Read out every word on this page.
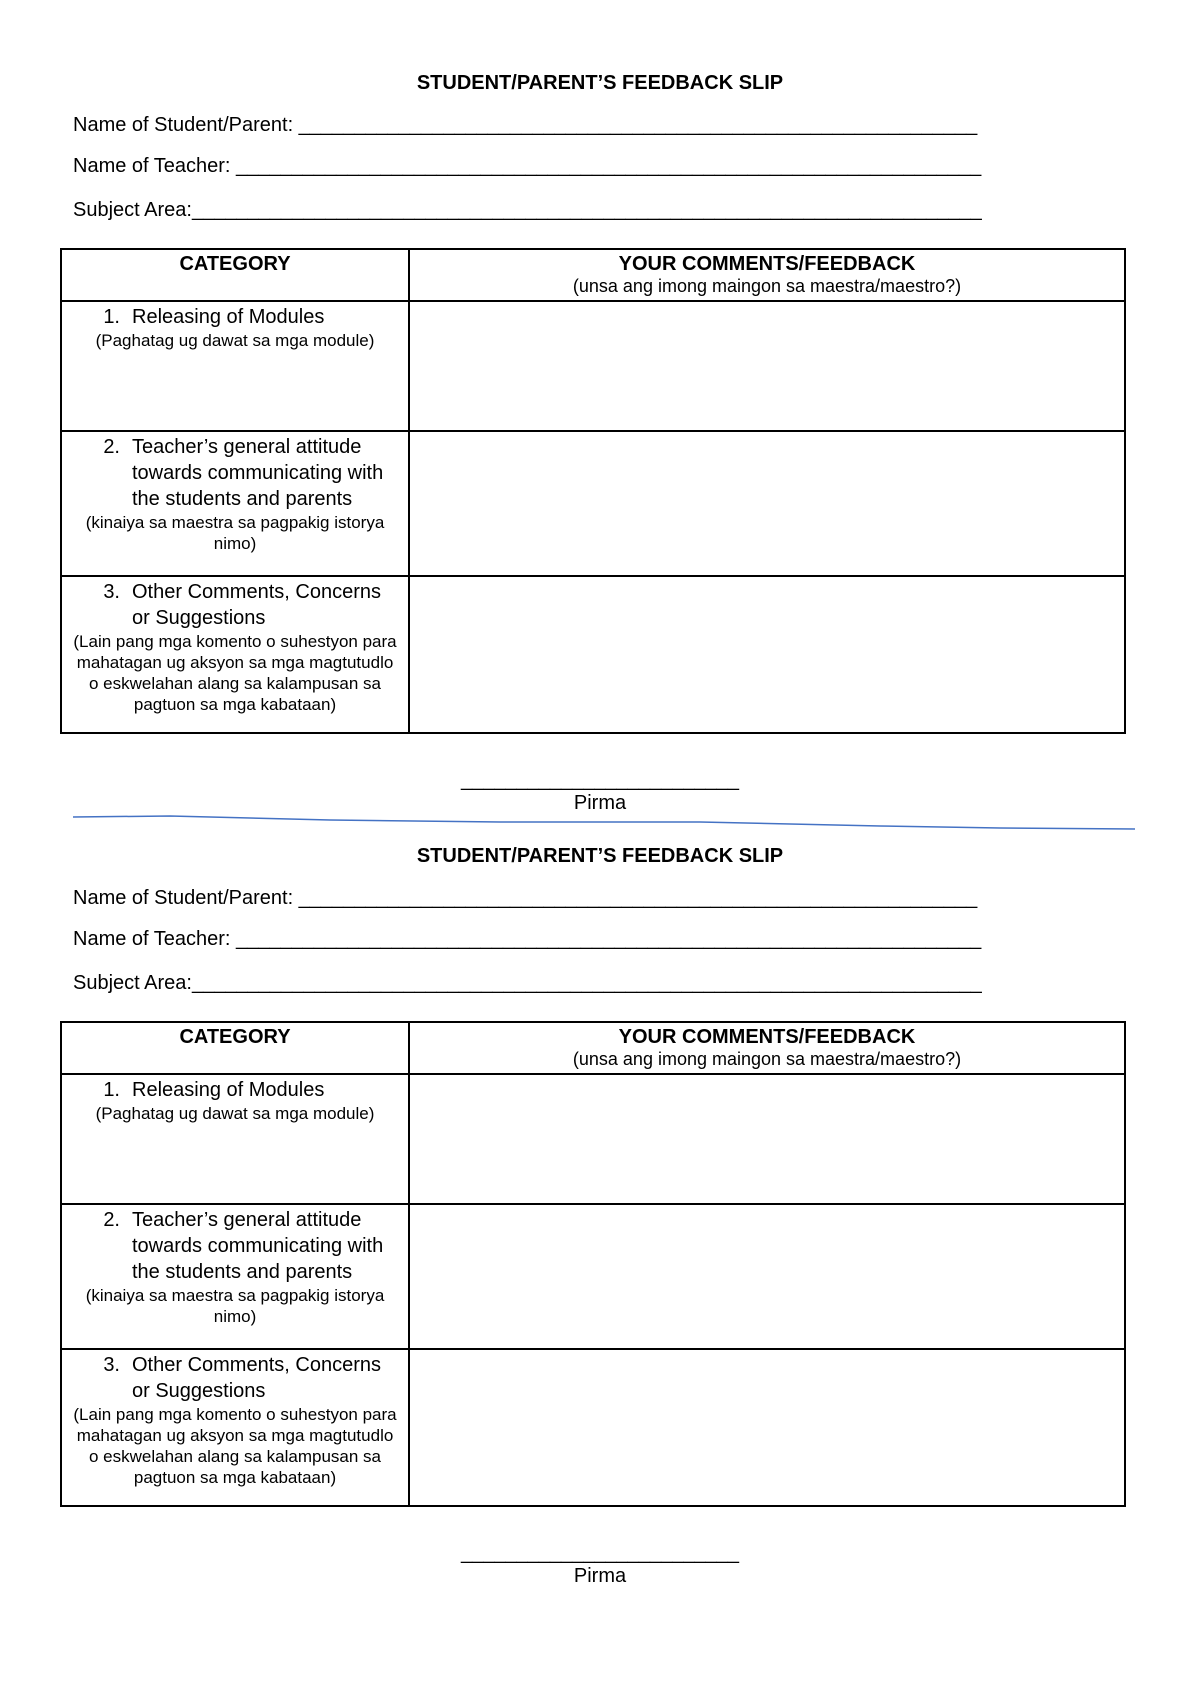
STUDENT/PARENT’S FEEDBACK SLIP
Name of Student/Parent: _____________________________________________________________
Name of Teacher: ___________________________________________________________________
Subject Area:_______________________________________________________________________
CATEGORY	YOUR COMMENTS/FEEDBACK
(unsa ang imong maingon sa maestra/maestro?)

1. Releasing of Modules
(Paghatag ug dawat sa mga module)	

2. Teacher’s general attitude towards communicating with the students and parents
(kinaiya sa maestra sa pagpakig istorya nimo)	

3. Other Comments, Concerns or Suggestions
(Lain pang mga komento o suhestyon para mahatagan ug aksyon sa mga magtutudlo o eskwelahan alang sa kalampusan sa pagtuon sa mga kabataan)	

_________________________
Pirma
STUDENT/PARENT’S FEEDBACK SLIP
Name of Student/Parent: _____________________________________________________________
Name of Teacher: ___________________________________________________________________
Subject Area:_______________________________________________________________________
CATEGORY	YOUR COMMENTS/FEEDBACK
(unsa ang imong maingon sa maestra/maestro?)

1. Releasing of Modules
(Paghatag ug dawat sa mga module)	

2. Teacher’s general attitude towards communicating with the students and parents
(kinaiya sa maestra sa pagpakig istorya nimo)	

3. Other Comments, Concerns or Suggestions
(Lain pang mga komento o suhestyon para mahatagan ug aksyon sa mga magtutudlo o eskwelahan alang sa kalampusan sa pagtuon sa mga kabataan)	

_________________________
Pirma
